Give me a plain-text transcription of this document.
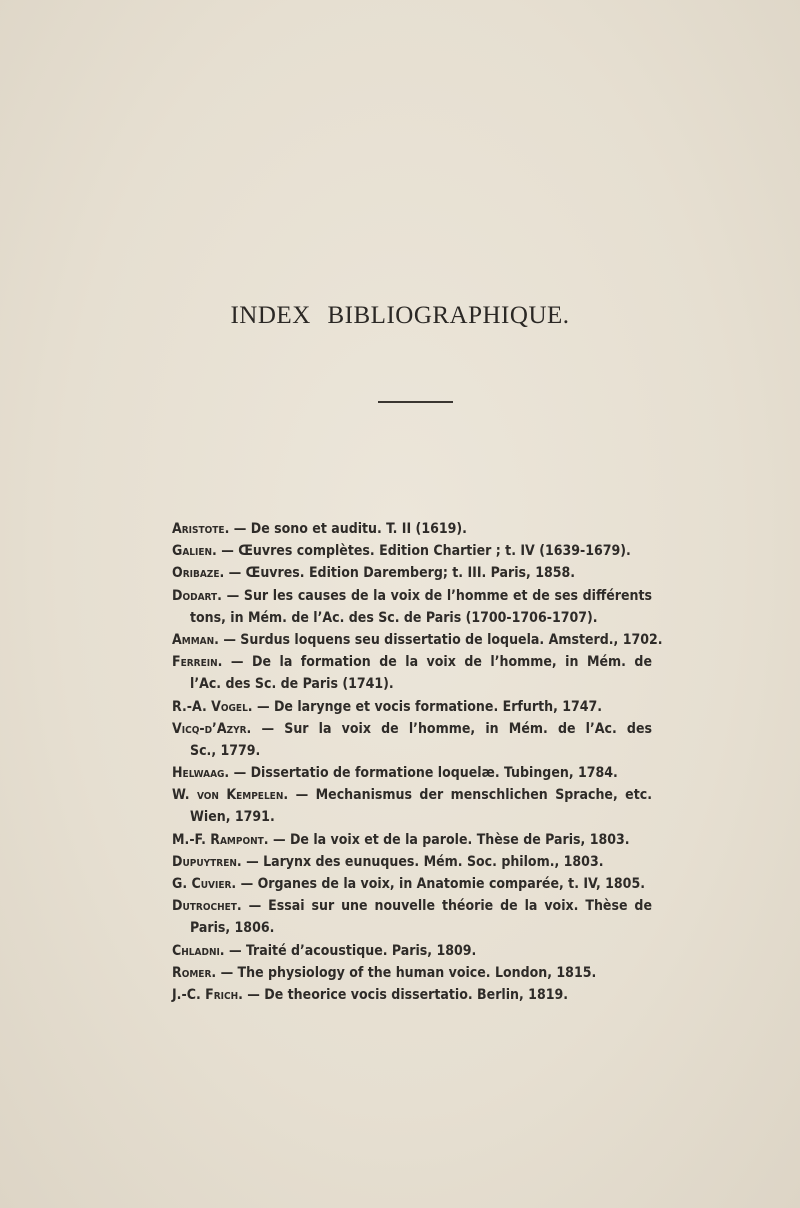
INDEX BIBLIOGRAPHIQUE.
Aristote. — De sono et auditu. T. II (1619).
Galien. — Œuvres complètes. Edition Chartier ; t. IV (1639-1679).
Oribaze. — Œuvres. Edition Daremberg; t. III. Paris, 1858.
Dodart. — Sur les causes de la voix de l’homme et de ses différents
tons, in Mém. de l’Ac. des Sc. de Paris (1700-1706-1707).
Amman. — Surdus loquens seu dissertatio de loquela. Amsterd., 1702.
Ferrein. — De la formation de la voix de l’homme, in Mém. de
l’Ac. des Sc. de Paris (1741).
R.-A. Vogel. — De larynge et vocis formatione. Erfurth, 1747.
Vicq-d’Azyr. — Sur la voix de l’homme, in Mém. de l’Ac. des
Sc., 1779.
Helwaag. — Dissertatio de formatione loquelæ. Tubingen, 1784.
W. von Kempelen. — Mechanismus der menschlichen Sprache, etc.
Wien, 1791.
M.-F. Rampont. — De la voix et de la parole. Thèse de Paris, 1803.
Dupuytren. — Larynx des eunuques. Mém. Soc. philom., 1803.
G. Cuvier. — Organes de la voix, in Anatomie comparée, t. IV, 1805.
Dutrochet. — Essai sur une nouvelle théorie de la voix. Thèse de
Paris, 1806.
Chladni. — Traité d’acoustique. Paris, 1809.
Romer. — The physiology of the human voice. London, 1815.
J.-C. Frich. — De theorice vocis dissertatio. Berlin, 1819.
